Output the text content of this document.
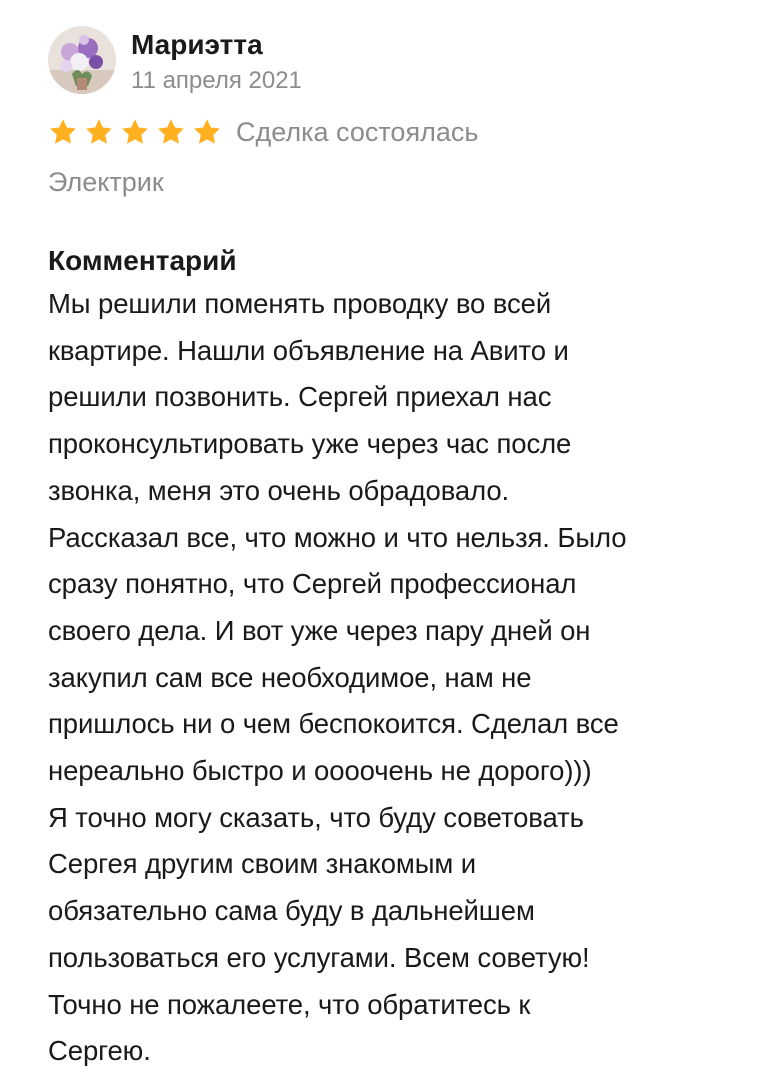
Мариэтта
11 апреля 2021
Сделка состоялась
Электрик
Комментарий
Мы решили поменять проводку во всей
квартире. Нашли объявление на Авито и
решили позвонить. Сергей приехал нас
проконсультировать уже через час после
звонка, меня это очень обрадовало.
Рассказал все, что можно и что нельзя. Было
сразу понятно, что Сергей профессионал
своего дела. И вот уже через пару дней он
закупил сам все необходимое, нам не
пришлось ни о чем беспокоится. Сделал все
нереально быстро и оооочень не дорого)))
Я точно могу сказать, что буду советовать
Сергея другим своим знакомым и
обязательно сама буду в дальнейшем
пользоваться его услугами. Всем советую!
Точно не пожалеете, что обратитесь к
Сергею.
